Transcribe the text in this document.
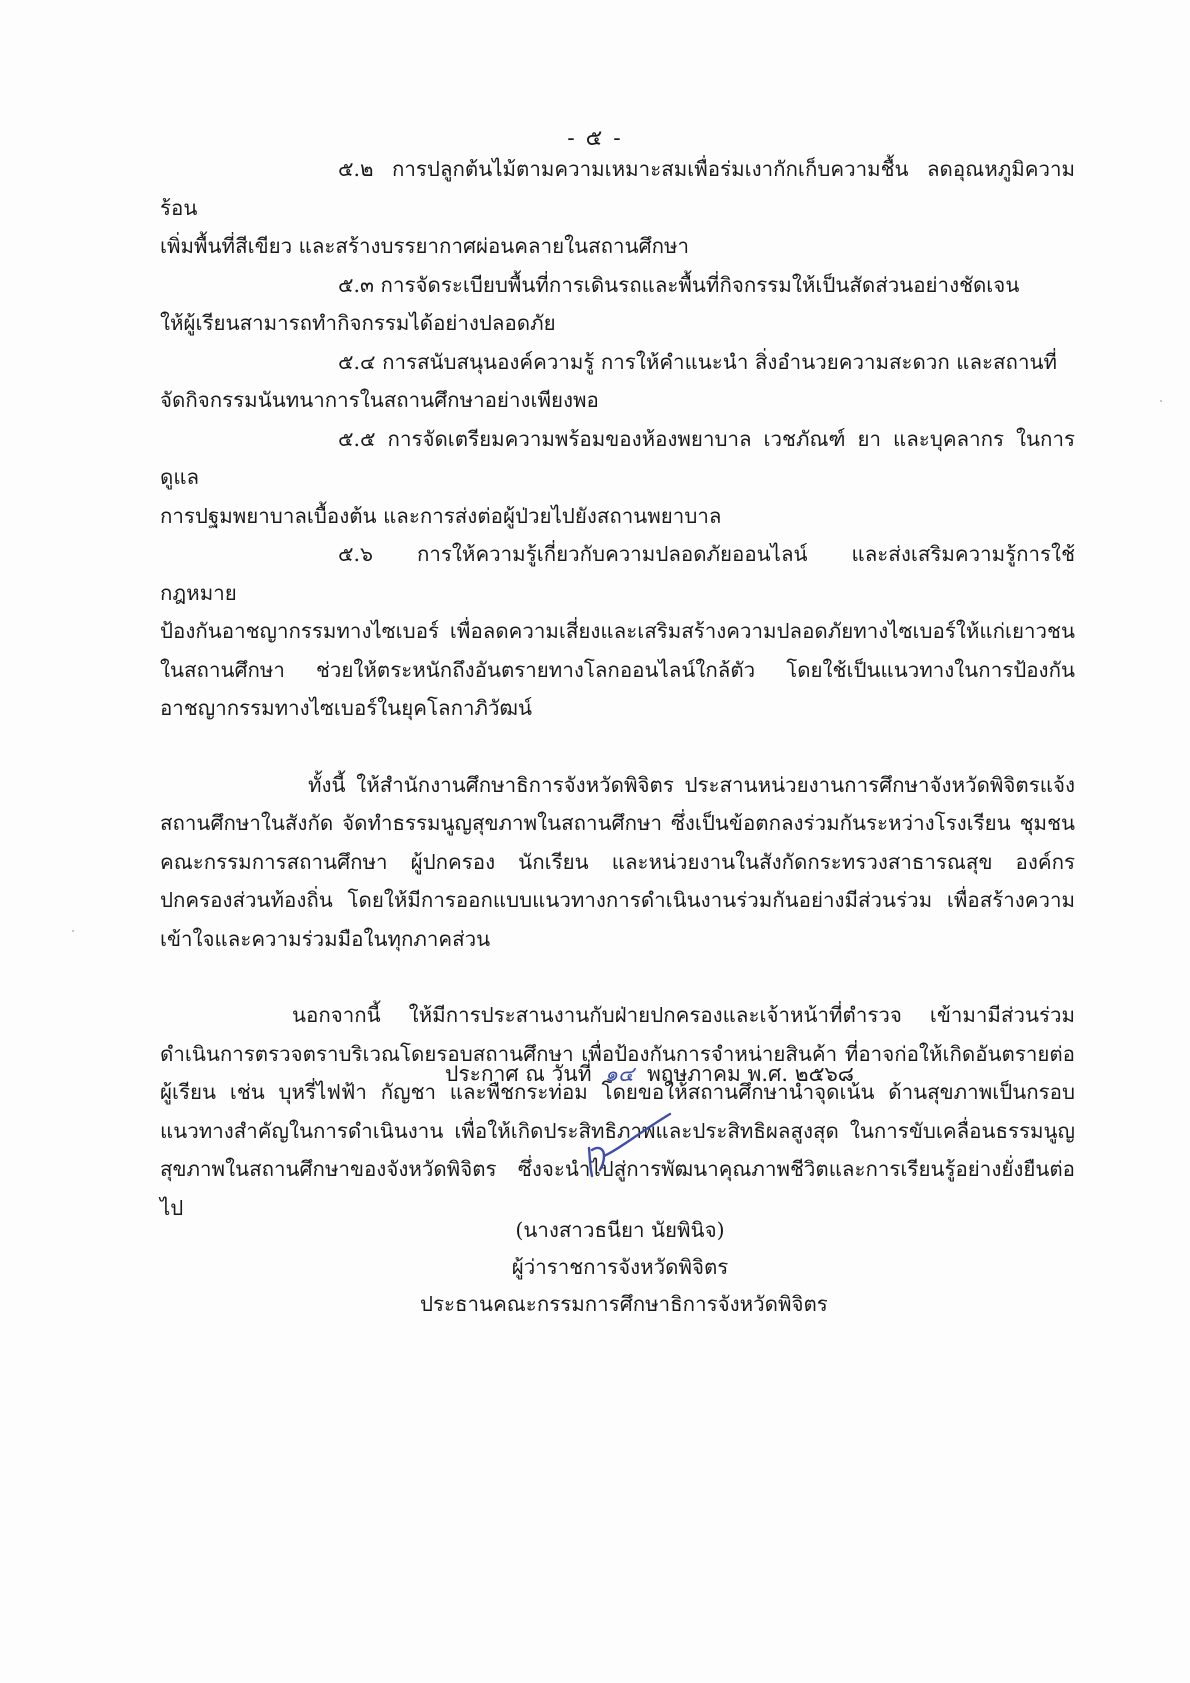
- ๕ -

๕.๒ การปลูกต้นไม้ตามความเหมาะสมเพื่อร่มเงากักเก็บความชื้น ลดอุณหภูมิความร้อน

เพิ่มพื้นที่สีเขียว และสร้างบรรยากาศผ่อนคลายในสถานศึกษา

๕.๓ การจัดระเบียบพื้นที่การเดินรถและพื้นที่กิจกรรมให้เป็นสัดส่วนอย่างชัดเจน

ให้ผู้เรียนสามารถทำกิจกรรมได้อย่างปลอดภัย

๕.๔ การสนับสนุนองค์ความรู้ การให้คำแนะนำ สิ่งอำนวยความสะดวก และสถานที่

จัดกิจกรรมนันทนาการในสถานศึกษาอย่างเพียงพอ

๕.๕ การจัดเตรียมความพร้อมของห้องพยาบาล เวชภัณฑ์ ยา และบุคลากร ในการดูแล

การปฐมพยาบาลเบื้องต้น และการส่งต่อผู้ป่วยไปยังสถานพยาบาล

๕.๖ การให้ความรู้เกี่ยวกับความปลอดภัยออนไลน์ และส่งเสริมความรู้การใช้กฎหมาย

ป้องกันอาชญากรรมทางไซเบอร์ เพื่อลดความเสี่ยงและเสริมสร้างความปลอดภัยทางไซเบอร์ให้แก่เยาวชนในสถานศึกษา ช่วยให้ตระหนักถึงอันตรายทางโลกออนไลน์ใกล้ตัว โดยใช้เป็นแนวทางในการป้องกันอาชญากรรมทางไซเบอร์ในยุคโลกาภิวัฒน์

ทั้งนี้ ให้สำนักงานศึกษาธิการจังหวัดพิจิตร ประสานหน่วยงานการศึกษาจังหวัดพิจิตรแจ้งสถานศึกษาในสังกัด จัดทำธรรมนูญสุขภาพในสถานศึกษา ซึ่งเป็นข้อตกลงร่วมกันระหว่างโรงเรียน ชุมชน คณะกรรมการสถานศึกษา ผู้ปกครอง นักเรียน และหน่วยงานในสังกัดกระทรวงสาธารณสุข องค์กรปกครองส่วนท้องถิ่น โดยให้มีการออกแบบแนวทางการดำเนินงานร่วมกันอย่างมีส่วนร่วม เพื่อสร้างความเข้าใจและความร่วมมือในทุกภาคส่วน

นอกจากนี้ ให้มีการประสานงานกับฝ่ายปกครองและเจ้าหน้าที่ตำรวจ เข้ามามีส่วนร่วมดำเนินการตรวจตราบริเวณโดยรอบสถานศึกษา เพื่อป้องกันการจำหน่ายสินค้า ที่อาจก่อให้เกิดอันตรายต่อผู้เรียน เช่น บุหรี่ไฟฟ้า กัญชา และพืชกระท่อม โดยขอให้สถานศึกษานำจุดเน้น ด้านสุขภาพเป็นกรอบแนวทางสำคัญในการดำเนินงาน เพื่อให้เกิดประสิทธิภาพและประสิทธิผลสูงสุด ในการขับเคลื่อนธรรมนูญสุขภาพในสถานศึกษาของจังหวัดพิจิตร ซึ่งจะนำไปสู่การพัฒนาคุณภาพชีวิตและการเรียนรู้อย่างยั่งยืนต่อไป

ประกาศ ณ วันที่ ๑๔ พฤษภาคม พ.ศ. ๒๕๖๘
(นางสาวธนียา นัยพินิจ)
ผู้ว่าราชการจังหวัดพิจิตร
ประธานคณะกรรมการศึกษาธิการจังหวัดพิจิตร
